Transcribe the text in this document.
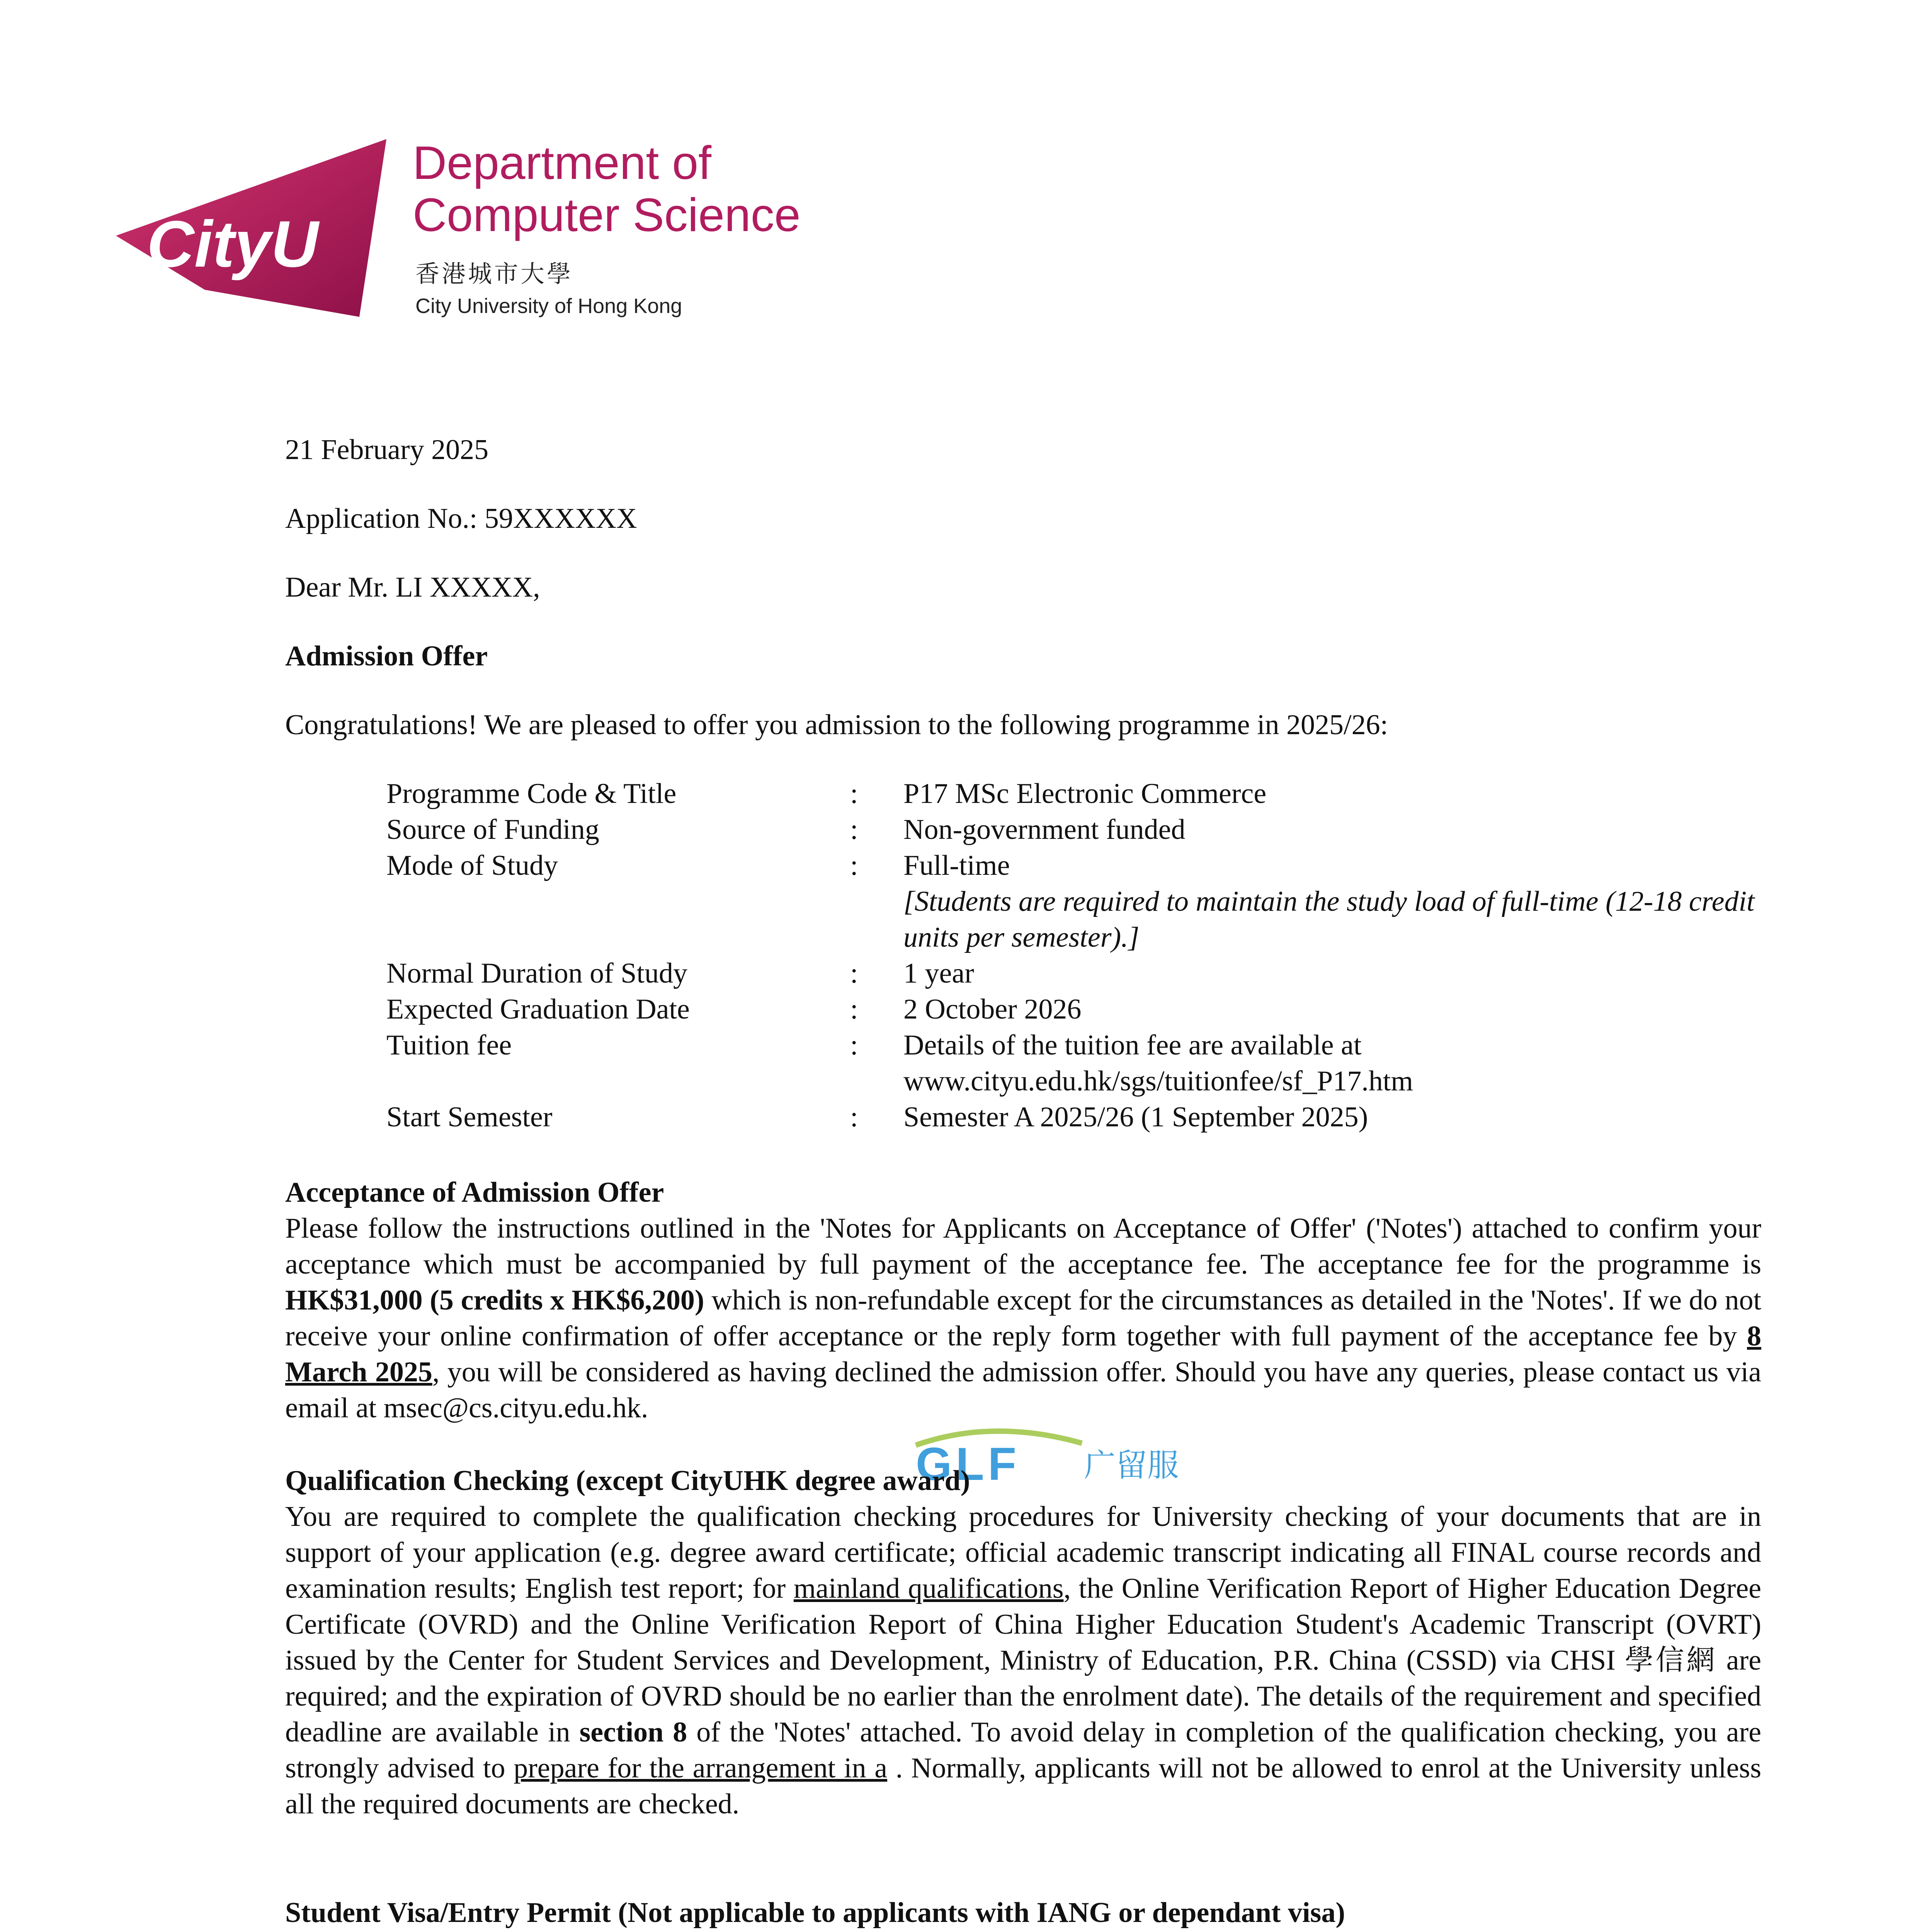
CityU
Department of
Computer Science
香港城市大學
City University of Hong Kong
21 February 2025
Application No.: 59XXXXXX
Dear Mr. LI XXXXX,
Admission Offer
Congratulations! We are pleased to offer you admission to the following programme in 2025/26:
Programme Code & Title	: P17 MSc Electronic Commerce
Source of Funding	: Non-government funded
Mode of Study	: Full-time
[Students are required to maintain the study load of full-time (12-18 credit units per semester).]
Normal Duration of Study	: 1 year
Expected Graduation Date	: 2 October 2026
Tuition fee	: Details of the tuition fee are available at www.cityu.edu.hk/sgs/tuitionfee/sf_P17.htm
Start Semester	: Semester A 2025/26 (1 September 2025)
Acceptance of Admission Offer
Please follow the instructions outlined in the 'Notes for Applicants on Acceptance of Offer' ('Notes') attached to confirm your acceptance which must be accompanied by full payment of the acceptance fee. The acceptance fee for the programme is HK$31,000 (5 credits x HK$6,200) which is non-refundable except for the circumstances as detailed in the 'Notes'. If we do not receive your online confirmation of offer acceptance or the reply form together with full payment of the acceptance fee by 8 March 2025, you will be considered as having declined the admission offer. Should you have any queries, please contact us via email at msec@cs.cityu.edu.hk.
GLF 广留服
Qualification Checking (except CityUHK degree award)
You are required to complete the qualification checking procedures for University checking of your documents that are in support of your application (e.g. degree award certificate; official academic transcript indicating all FINAL course records and examination results; English test report; for mainland qualifications, the Online Verification Report of Higher Education Degree Certificate (OVRD) and the Online Verification Report of China Higher Education Student's Academic Transcript (OVRT) issued by the Center for Student Services and Development, Ministry of Education, P.R. China (CSSD) via CHSI 學信網 are required; and the expiration of OVRD should be no earlier than the enrolment date). The details of the requirement and specified deadline are available in section 8 of the 'Notes' attached. To avoid delay in completion of the qualification checking, you are strongly advised to prepare for the arrangement in a . Normally, applicants will not be allowed to enrol at the University unless all the required documents are checked.
Student Visa/Entry Permit (Not applicable to applicants with IANG or dependant visa)
